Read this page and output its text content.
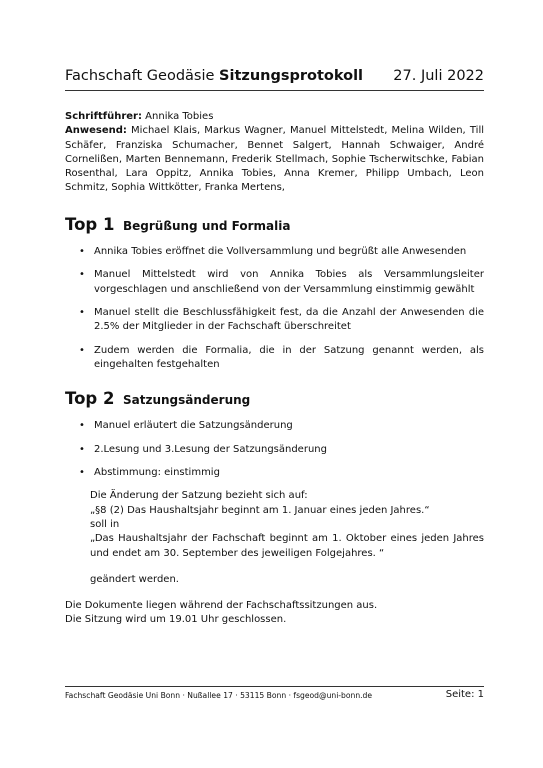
Fachschaft Geodäsie Sitzungsprotokoll 27. Juli 2022

Schriftführer: Annika Tobies

Anwesend: Michael Klais, Markus Wagner, Manuel Mittelstedt, Melina Wilden, Till Schäfer, Franziska Schumacher, Bennet Salgert, Hannah Schwaiger, André Cornelißen, Marten Bennemann, Frederik Stellmach, Sophie Tscherwitschke, Fabian Rosenthal, Lara Oppitz, Annika Tobies, Anna Kremer, Philipp Umbach, Leon Schmitz, Sophia Wittkötter, Franka Mertens,

Top 1 Begrüßung und Formalia
• Annika Tobies eröffnet die Vollversammlung und begrüßt alle Anwesenden
• Manuel Mittelstedt wird von Annika Tobies als Versammlungsleiter vorgeschlagen und anschließend von der Versammlung einstimmig gewählt
• Manuel stellt die Beschlussfähigkeit fest, da die Anzahl der Anwesenden die 2.5% der Mitglieder in der Fachschaft überschreitet
• Zudem werden die Formalia, die in der Satzung genannt werden, als eingehalten festgehalten
Top 2 Satzungsänderung
• Manuel erläutert die Satzungsänderung
• 2.Lesung und 3.Lesung der Satzungsänderung
• Abstimmung: einstimmig

Die Änderung der Satzung bezieht sich auf:

„§8 (2) Das Haushaltsjahr beginnt am 1. Januar eines jeden Jahres.“

soll in

„Das Haushaltsjahr der Fachschaft beginnt am 1. Oktober eines jeden Jahres und endet am 30. September des jeweiligen Folgejahres. “

geändert werden.

Die Dokumente liegen während der Fachschaftssitzungen aus.

Die Sitzung wird um 19.01 Uhr geschlossen.

Fachschaft Geodäsie Uni Bonn · Nußallee 17 · 53115 Bonn · fsgeod@uni-bonn.de	Seite: 1
